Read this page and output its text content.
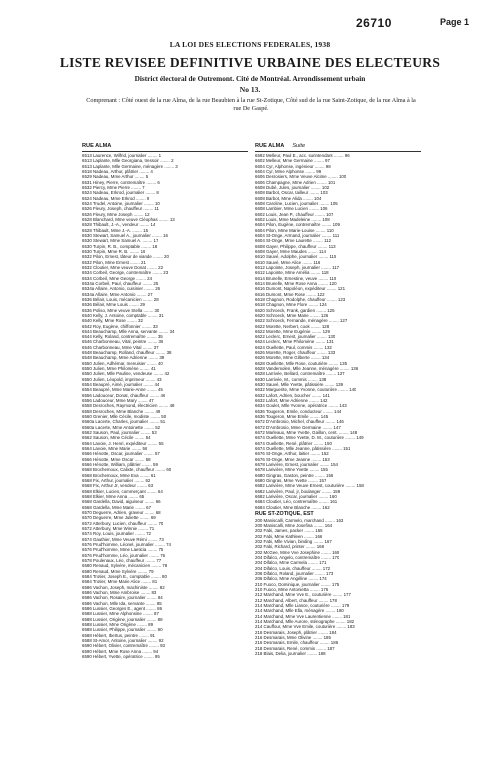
26710	Page 1
LA LOI DES ELECTIONS FEDERALES, 1938
LISTE REVISEE DEFINITIVE URBAINE DES ELECTEURS
District électoral de Outremont. Cité de Montréal. Arrondissement urbain
No 13.
Comprenant : Côté ouest de la rue Alma, de la rue Beaubien à la rue St-Zotique, Côté sud de la rue Saint-Zotique, de la rue Alma à la rue De Gaspé.
RUE ALMA
6513 Laurence, Wilfrid, journalier ........ 1
6513 Laplante, Mlle Georgiana, tressoir ........ 2
6513 Laplante, Mlle Germaine, ménagère ........ 3
6518 Nadeau, Arthur, plâtrier ........ 4
6529 Nadeau, Mme Arthur ........ 5
6531 Hiney, Pierre, contremaître ........ 6
6532 Piercy, Mme Pierre ........ 7
6524 Nadeau, Erkrod, journalier ........ 8
6524 Nadeau, Mme Erkrod ........ 9
6524 Trudel, Antoine, journalier ........ 10
6526 Fleury, Joseph, chauffeur ........ 11
6526 Fleury, Mme Joseph ........ 12
6528 Blanchard, Mme veuve Cléophas ........ 13
6528 Thibault, J.-A., vendeur ........ 14
6528 Thibault, Mme J.-A. ........ 15
6530 Stewart, Samuel A., journalier ........ 16
6530 Stewart, Mme Samuel A. ........ 17
6530 Turpin, R. B., comptable ........ 18
6530 Turpin, Mme R. B. ........ 19
6532 Pilon, Ernest, tâteur de viande ........ 20
6532 Pilon, Mme Ernest ........ 21
6532 Cloutier, Mme veuve Donat ........ 22
6534 Corbeil, George, contremaître ........ 23
6534 Corbeil, Mme George ........ 24
6534a Corbeil, Paul, chauffeur ........ 25
6534a Allaire, Antonio, cuisinier ........ 26
6534a Allaire, Mme Antonio ........ 27
6536 Bélair, Louis, mécanicien ........ 28
6536 Bélair, Mme Louis ........ 29
6536 Poliso, Mme veuve Stella ........ 30
6540 Kelly, J. Antoine, comptable ........ 31
6540 Kelly, Mme Rose ........ 32
6542 Roy, Eugène, chiffonnier ........ 33
6544 Beauchamp, Mlle Anna, servante ........ 34
6544 Kelly, Roland, contremaître ........ 35
6546 Charbonneau, Vital, peintre ........ 36
6546 Charbonneau, Mme Vital ........ 37
6548 Beauchamp, Rolland, chauffeur ........ 38
6548 Beauchamp, Mme Adrienne ........ 39
6550 Julien, Adhémar, menuisier ........ 40
6550 Julien, Mme Philomène ........ 41
6550 Julien, Mlle Pauline, vendeuse ........ 42
6550 Julien, Léopold, imprimeur ........ 43
6554 Beaupré, Aimé, journalier ........ 44
6554 Beaupré, Mme Marie-Anne ........ 45
6556 Ladouceur, Donat, chauffeur ........ 46
6556 Ladouceur, Mme Mary ........ 47
6558 Desroches, Raymond, électricien ........ 48
6558 Desroches, Mme Blanche ........ 49
6560 Grenier, Mlle Cécile, modiste ........ 50
6560a Lacerte, Charles, journalier ........ 51
6560a Lacerte, Mme Antoinette ........ 52
6562 Sauson, Paul, journalier ........ 53
6562 Sauson, Mme Cécile ........ 54
6564 Lavoie, J. Henri, expéditeur ........ 55
6564 Lavoie, Mme Marie ........ 56
6566 Hénotte, Oscar, journalier ........ 57
6566 Hénotte, Mme Oscar ........ 58
6566 Hénotte, William, plâtrier ........ 59
6568 Brochemoux, Calixte, chauffeur ........ 60
6568 Brochemoux, Mme Eva ........ 61
6568 Fix, Arthur, journalier ........ 62
6568 Fix, Arthur Jr, vendeur ........ 63
6568 Elkier, Lucien, commerçant ........ 64
6568 Elkier, Mme Anna ........ 65
6568 Gardella, David, aiguiseur ........ 66
6568 Gardella, Mme Marie ........ 67
6570 Deguerre, Adrien, graveur ........ 68
6570 Deguerre, Mme Juliette ........ 69
6572 Atterbury, Lucien, chauffeur ........ 70
6572 Atterbury, Mme Winnie ........ 71
6574 Roy, Louis, journalier ........ 72
6574 Gauthier, Mme Veuve Rémi ........ 73
6576 Prud'homme, Léonel, journalier ........ 74
6576 Prud'homme, Mme Laeticia ........ 75
6576 Prud'homme, Léo, journalier ........ 76
6578 Poulenaux, Léo, chauffeur ........ 77
6580 Renaud, Sylvère, mécanicien ........ 78
6580 Renaud, Mme Sylvère ........ 79
6584 Trotier, Joseph E., comptable ........ 80
6584 Trotier, Mme Marie Alice ........ 81
6586 Vachon, Joseph, machiniste ........ 82
6586 Vachon, Mme Ambroise ........ 83
6586 Vachon, Rosaire, journalier ........ 84
6586 Vachon, Mlle Ida, servante ........ 85
6586 Lussier, Georges E., agent ........ 86
6588 Lussier, Mme Alphonsine ........ 87
6588 Lussier, Origène, journalier ........ 88
6588 Lussier, Mme Origène ........ 89
6588 Lussier, Philippe, journalier ........ 90
6588 Hébert, Ibertus, peintre ........ 91
6588 St-Amor, Antoine, journalier ........ 92
6590 Hébert, Olivier, contremaître ........ 93
6590 Hébert, Mme Rose Anna ........ 94
6590 Hébert, Yvette, opératrice ........ 95
RUE ALMA Suite
6592 Melleur, Paul E., acc. surintendant ........ 96
6602 Melleur, Mme Germaine ........ 97
6604 Cyr, Alphonse, ingénieur ........ 98
6604 Cyr, Mme Alphonse ........ 99
6606 Desrosiers, Mme Veuve Alcime ........ 100
6606 Champagne, Mme Adrien ........ 101
6608 Dubé, Jules, journalier ........ 102
6608 Barbot, Oscar, tailleur ........ 103
6608 Barbot, Mme Alida ........ 104
6608 Caroline, Lucien, journalier ........ 105
6608 Lambier, Mme Lucien ........ 106
6602 Louis, Jean P., chauffeur ........ 107
6602 Louis, Mme Madeleine ........ 108
6604 Pilon, Eugène, contremaître ........ 109
6604 Pilon, Mme Marie-Louise ........ 110
6604 St-Onge, Armand, journalier ........ 111
6604 St-Onge, Mme Laurette ........ 112
6608 Gayer, Philippe, chauffeur ........ 113
6608 Gayer, Mme Maudes ........ 114
6610 Sauvé, Adolphe, journalier ........ 115
6610 Sauvé, Mme Alice ........ 116
6612 Lapointe, Joseph, journalier ........ 117
6612 Lapointe, Mme Amélia ........ 118
6614 Brunelle, Ernestine, veuve ........ 119
6614 Brunelle, Mme Rose Anna ........ 120
6616 Dumont, Napoléon, expéditeur ........ 121
6616 Dumont, Mme Rose ........ 122
6618 Chagnon, Rodolphe, chauffeur ........ 123
6618 Chagnon, Mme Flore ........ 124
6620 Schroeck, Frank, gardien ........ 125
6620 Schroeck, Mme Marie ........ 126
6622 Schroeck, Fernande, ménagère ........ 127
6622 Morette, Nerbert, cook ........ 128
6622 Morette, Mme Eugénie ........ 129
6622 Leclerc, Ernest, journalier ........ 130
6624 Leclerc, Mme Philomène ........ 131
6624 Ouellette, Paul, commis ........ 132
6626 Morette, Roger, chauffeur ........ 133
6626 Morette, Mme Gilberte ........ 134
6628 Ouellette, Mlle Rose, couturière ........ 135
6628 Vandemolen, Mlle Jeanne, ménagère ........ 136
6628 Larrivée, Bellard, contremaître ........ 137
6630 Larrivée, M., commis ........ 138
6630 Sauvé, Mlle Yvette, pâtissière ........ 139
6632 Marguerite, Mme Yvonne, couturière ........ 140
6632 Lafort, Adrien, boucher ........ 141
6632 Lafort, Mme Adrienne ........ 142
6634 Goulet, Mlle Yvonne, opératrice ........ 143
6636 Tougeron, Emile, conducteur ........ 144
6636 Tougeron, Mme Emile ........ 145
6672 D'Ambrosio, Michel, chauffeur ........ 146
6672 D'Ambrosio, Mme Germaine ........ 147
6672 Marleaux, Mme Yvette, Gaillon, cent. ........ 148
6674 Ouellette, Mme Yvette, D. M., couturière ........ 149
6674 Ouellette, René, plâtrier ........ 150
6674 Ouellette, Mlle Jeanne, pâtissière ........ 151
6676 St-Onge, Arthur, laitier ........ 152
6676 St-Onge, Mme Jeanne ........ 153
6678 Larivière, Ernest, journalier ........ 154
6678 Larivière, Mme Yvette ........ 155
6680 Gingras, Gaston, peintre ........ 156
6680 Gingras, Mme Yvette ........ 157
6682 Larivière, Mme Veuve Ernest, couturière ........ 158
6682 Larivière, Paul, jr, boulanger ........ 159
6682 Larivière, Oscar, journalier ........ 160
6684 Cloutier, Léo, contremaître ........ 161
6684 Cloutier, Mme Blanche ........ 162
RUE ST-ZOTIQUE, EST
200 Maniscalli, Carmelo, marchand ........ 163
200 Maniscalli, Mme Josefina ........ 164
202 Fabi, James, packer ........ 165
202 Fabi, Mme Kathleen ........ 166
202 Fabi, Mlle Vivian, binding ........ 167
202 Fabi, Richard, printer ........ 168
202 McGee, Mme Vve Josephine ........ 169
204 Difalco, Angelo, contremaître ........ 170
204 Difalco, Mme Carmela ........ 171
204 Difalco, Louis, chauffeur ........ 172
206 Difalco, Roland, journalier ........ 173
206 Difalco, Mme Angéline ........ 174
210 Fuoco, Dominique, journalier ........ 175
210 Fuoco, Mme Antonietta ........ 176
212 Marchand, Mme Vve E., couturière ........ 177
212 Marchand, Albert, chauffeur ........ 178
214 Marchand, Mlle Liance, couturière ........ 179
214 Marchand, Mlle Ella, ménagère ........ 180
214 Marchand, Mme Vve Laurentienne ........ 181
214 Marchand, Mlle Aurore, sténographe ........ 182
214 Cauffour, Mme Vve Emile, couturière ........ 183
216 Desmarais, Joseph, plâtrier ........ 184
216 Desmarais, Mme Olivine ........ 185
216 Desmarais, Emile, chauffeur ........ 186
218 Desmarais, René, commis ........ 187
218 Blais, Delia, journalier ........ 188
